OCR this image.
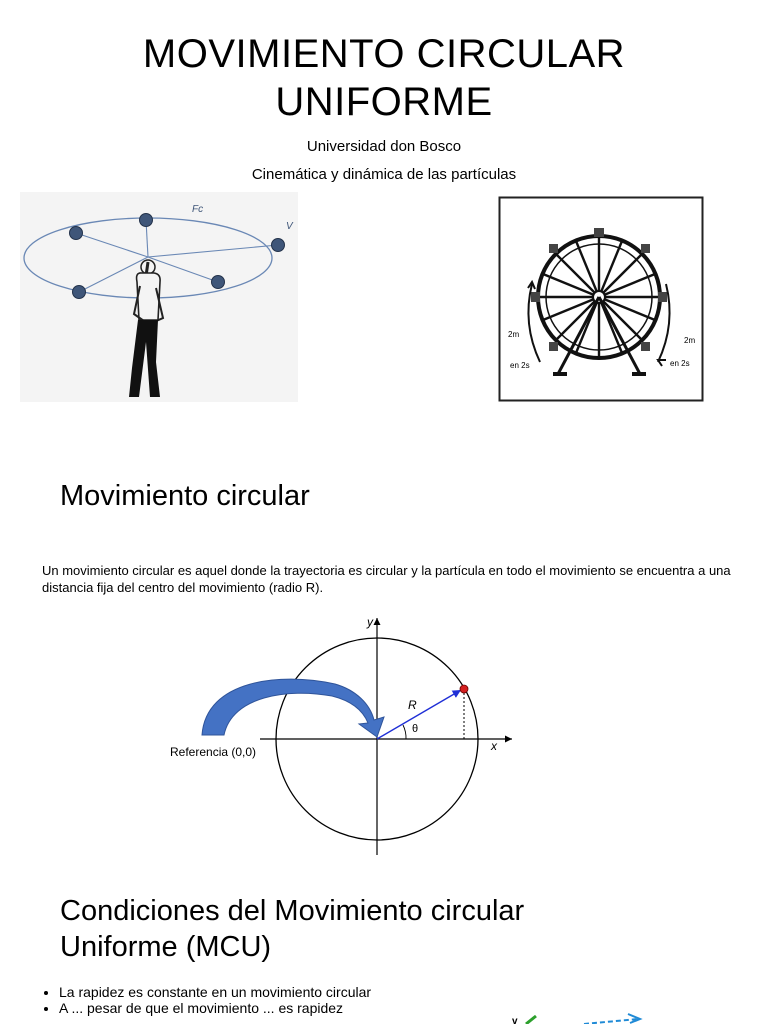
MOVIMIENTO CIRCULAR
UNIFORME
Universidad don Bosco
Cinemática y dinámica de las partículas
Fc
V
2m
en 2s
2m
en 2s
Movimiento circular
Un movimiento circular es aquel donde la trayectoria es circular y la partícula en todo el movimiento se encuentra a una distancia fija del centro del movimiento (radio R).
y
x
R
θ
Referencia (0,0)
Condiciones del Movimiento circular
Uniforme (MCU)
• La rapidez es constante en un movimiento circular
• A ... pesar de que el movimiento ... es rapidez
v
